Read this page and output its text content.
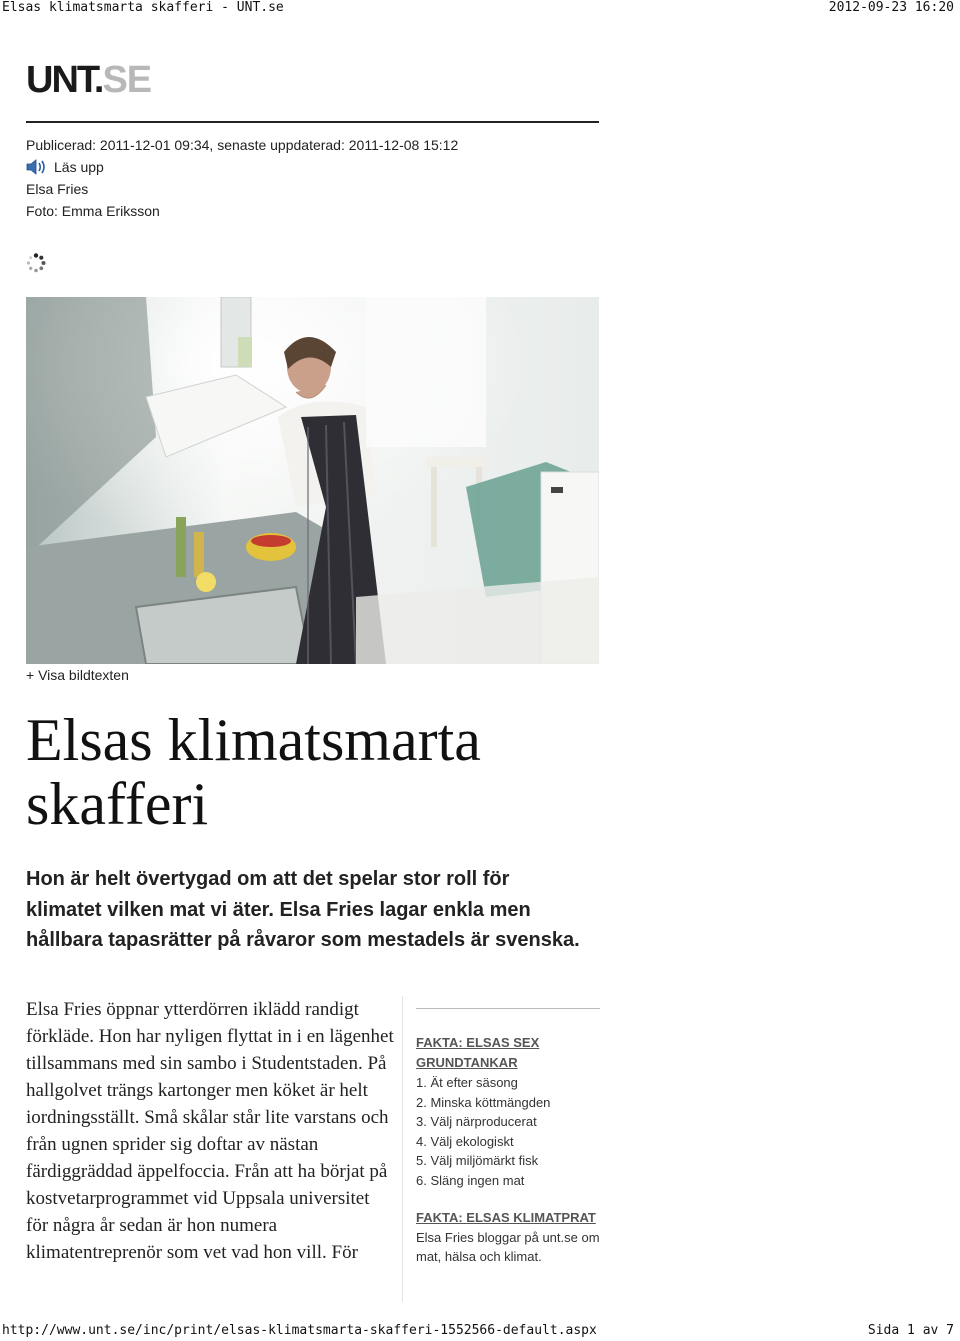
Elsas klimatsmarta skafferi - UNT.se	2012-09-23 16:20
UNT.SE
Publicerad: 2011-12-01 09:34, senaste uppdaterad: 2011-12-08 15:12
Läs upp
Elsa Fries
Foto: Emma Eriksson
+ Visa bildtexten
Elsas klimatsmarta skafferi

Hon är helt övertygad om att det spelar stor roll för klimatet vilken mat vi äter. Elsa Fries lagar enkla men hållbara tapasrätter på råvaror som mestadels är svenska.

Elsa Fries öppnar ytterdörren iklädd randigt förkläde. Hon har nyligen flyttat in i en lägenhet tillsammans med sin sambo i Studentstaden. På hallgolvet trängs kartonger men köket är helt iordningsställt. Små skålar står lite varstans och från ugnen sprider sig doftar av nästan färdiggräddad äppelfoccia. Från att ha börjat på kostvetarprogrammet vid Uppsala universitet för några år sedan är hon numera klimatentreprenör som vet vad hon vill. För

FAKTA: ELSAS SEX GRUNDTANKAR
1. Ät efter säsong
2. Minska köttmängden
3. Välj närproducerat
4. Välj ekologiskt
5. Välj miljömärkt fisk
6. Släng ingen mat
FAKTA: ELSAS KLIMATPRAT
Elsa Fries bloggar på unt.se om mat, hälsa och klimat.
http://www.unt.se/inc/print/elsas-klimatsmarta-skafferi-1552566-default.aspx	Sida 1 av 7
